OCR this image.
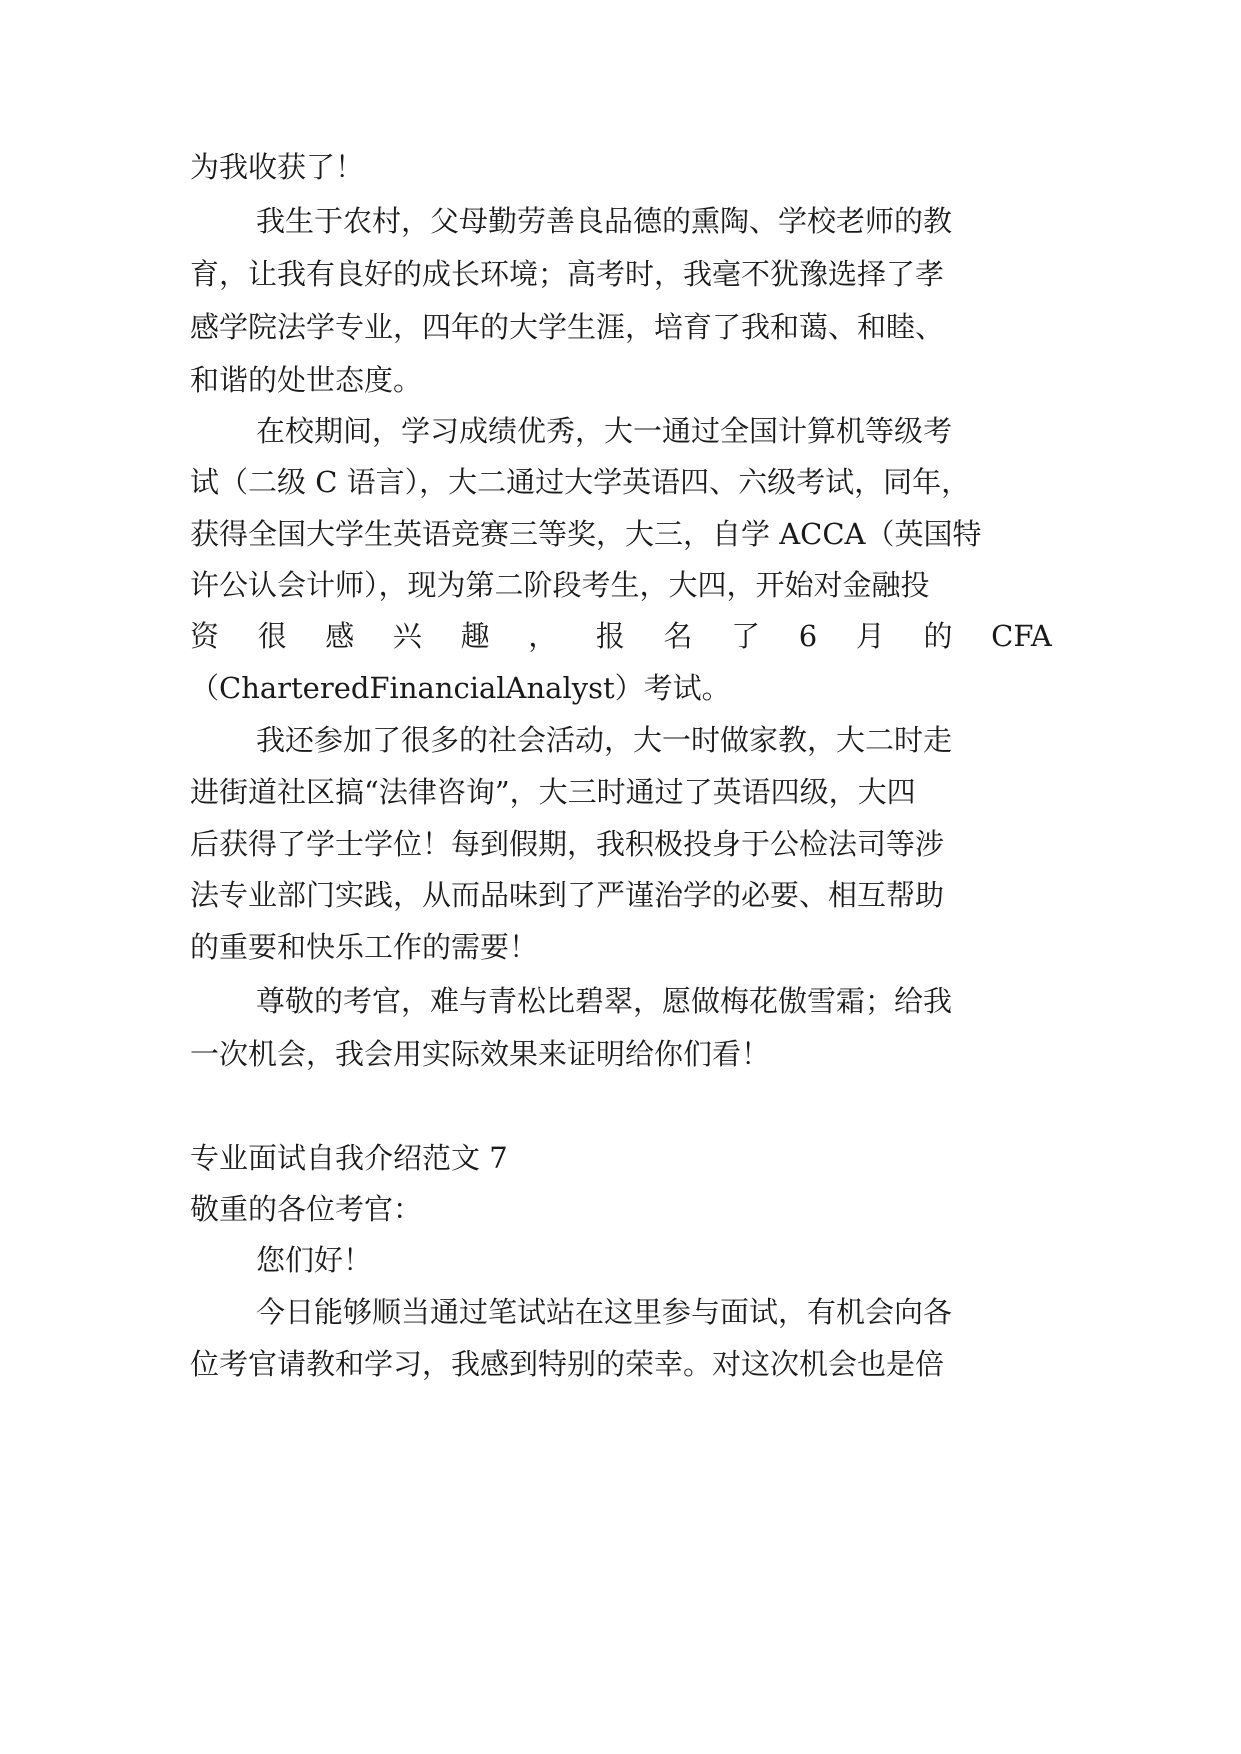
为我收获了！

我生于农村，父母勤劳善良品德的熏陶、学校老师的教

育，让我有良好的成长环境；高考时，我毫不犹豫选择了孝

感学院法学专业，四年的大学生涯，培育了我和蔼、和睦、

和谐的处世态度。

在校期间，学习成绩优秀，大一通过全国计算机等级考

试（二级 C 语言），大二通过大学英语四、六级考试，同年，

获得全国大学生英语竞赛三等奖，大三，自学 ACCA（英国特

许公认会计师），现为第二阶段考生，大四，开始对金融投

资 很 感 兴 趣 ， 报 名 了 6 月 的 CFA

（CharteredFinancialAnalyst）考试。

我还参加了很多的社会活动，大一时做家教，大二时走

进街道社区搞“法律咨询”，大三时通过了英语四级，大四

后获得了学士学位！每到假期，我积极投身于公检法司等涉

法专业部门实践，从而品味到了严谨治学的必要、相互帮助

的重要和快乐工作的需要！

尊敬的考官，难与青松比碧翠，愿做梅花傲雪霜；给我

一次机会，我会用实际效果来证明给你们看！

专业面试自我介绍范文 7

敬重的各位考官：

您们好！

今日能够顺当通过笔试站在这里参与面试，有机会向各

位考官请教和学习，我感到特别的荣幸。对这次机会也是倍
